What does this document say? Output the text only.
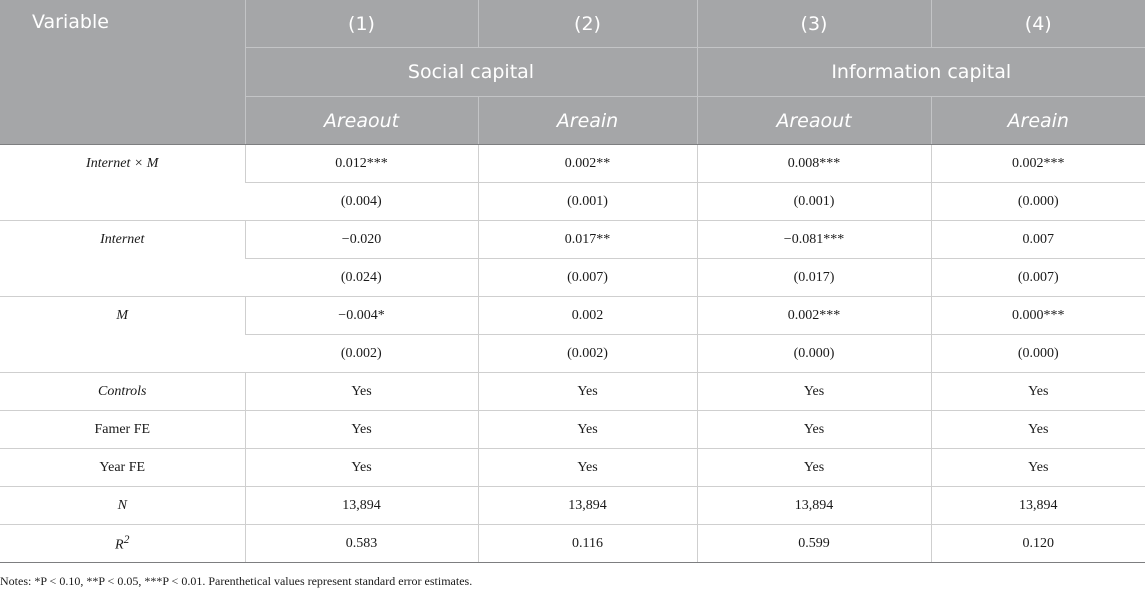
Variable	(1)	(2)	(3)	(4)
	Social capital		Information capital	
	Areaout	Areain	Areaout	Areain
Internet × M	0.012***	0.002**	0.008***	0.002***
	(0.004)	(0.001)	(0.001)	(0.000)
Internet	−0.020	0.017**	−0.081***	0.007
	(0.024)	(0.007)	(0.017)	(0.007)
M	−0.004*	0.002	0.002***	0.000***
	(0.002)	(0.002)	(0.000)	(0.000)
Controls	Yes	Yes	Yes	Yes
Famer FE	Yes	Yes	Yes	Yes
Year FE	Yes	Yes	Yes	Yes
N	13,894	13,894	13,894	13,894
$R^2$	0.583	0.116	0.599	0.120
Notes: *P < 0.10, **P < 0.05, ***P < 0.01. Parenthetical values represent standard error estimates.
